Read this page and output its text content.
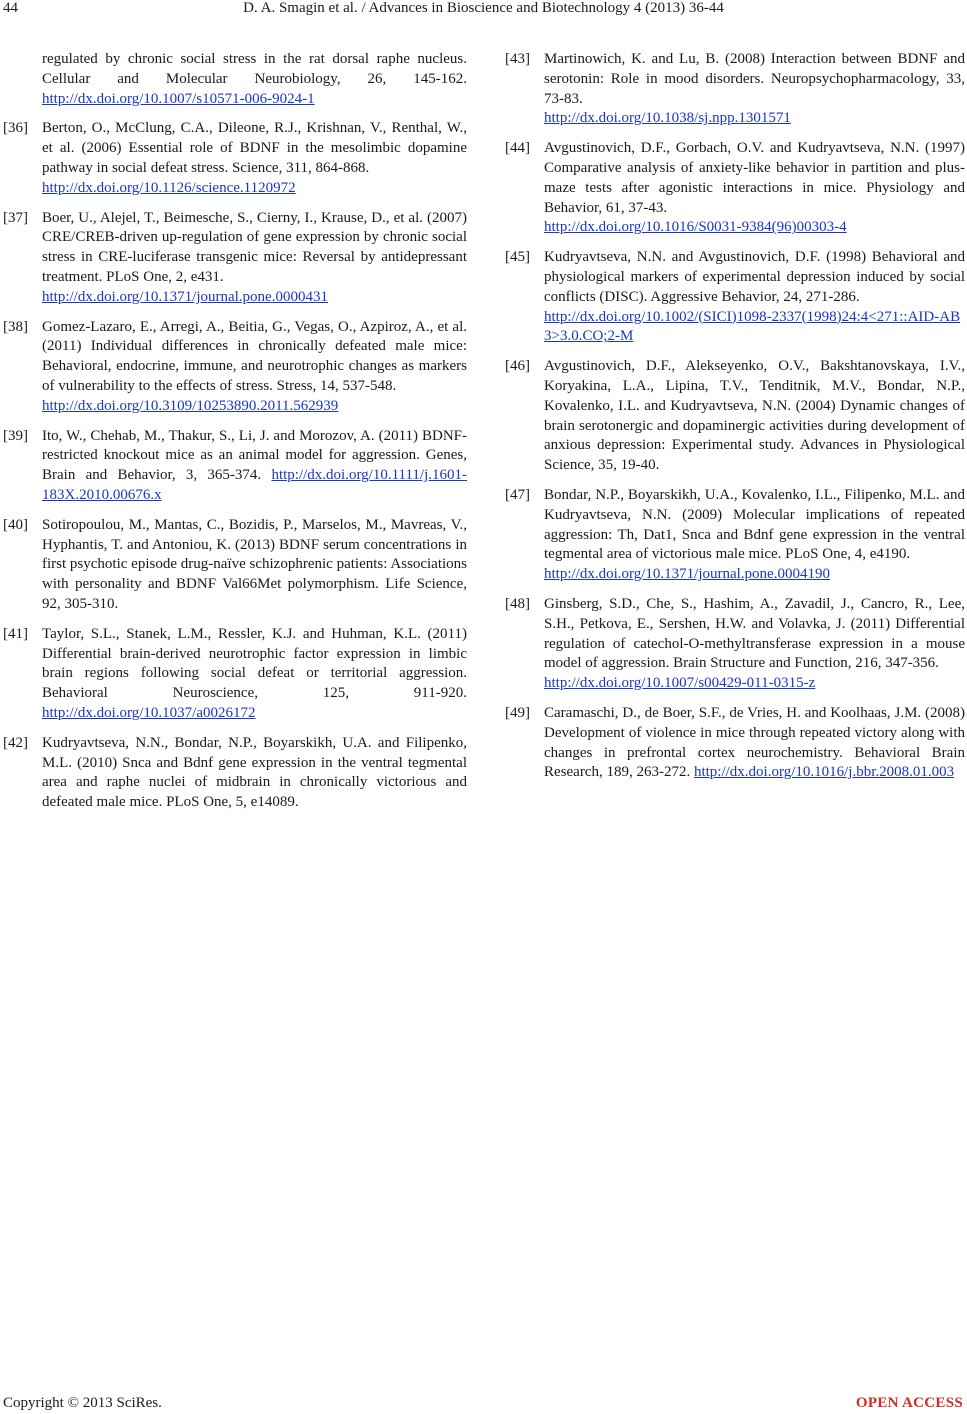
44	D. A. Smagin et al. / Advances in Bioscience and Biotechnology 4 (2013) 36-44
regulated by chronic social stress in the rat dorsal raphe nucleus. Cellular and Molecular Neurobiology, 26, 145-162. http://dx.doi.org/10.1007/s10571-006-9024-1
[36] Berton, O., McClung, C.A., Dileone, R.J., Krishnan, V., Renthal, W., et al. (2006) Essential role of BDNF in the mesolimbic dopamine pathway in social defeat stress. Science, 311, 864-868.
http://dx.doi.org/10.1126/science.1120972
[37] Boer, U., Alejel, T., Beimesche, S., Cierny, I., Krause, D., et al. (2007) CRE/CREB-driven up-regulation of gene expression by chronic social stress in CRE-luciferase transgenic mice: Reversal by antidepressant treatment. PLoS One, 2, e431.
http://dx.doi.org/10.1371/journal.pone.0000431
[38] Gomez-Lazaro, E., Arregi, A., Beitia, G., Vegas, O., Azpiroz, A., et al. (2011) Individual differences in chronically defeated male mice: Behavioral, endocrine, immune, and neurotrophic changes as markers of vulnerability to the effects of stress. Stress, 14, 537-548.
http://dx.doi.org/10.3109/10253890.2011.562939
[39] Ito, W., Chehab, M., Thakur, S., Li, J. and Morozov, A. (2011) BDNF-restricted knockout mice as an animal model for aggression. Genes, Brain and Behavior, 3, 365-374. http://dx.doi.org/10.1111/j.1601-183X.2010.00676.x
[40] Sotiropoulou, M., Mantas, C., Bozidis, P., Marselos, M., Mavreas, V., Hyphantis, T. and Antoniou, K. (2013) BDNF serum concentrations in first psychotic episode drug-naïve schizophrenic patients: Associations with personality and BDNF Val66Met polymorphism. Life Science, 92, 305-310.
[41] Taylor, S.L., Stanek, L.M., Ressler, K.J. and Huhman, K.L. (2011) Differential brain-derived neurotrophic factor expression in limbic brain regions following social defeat or territorial aggression. Behavioral Neuroscience, 125, 911-920. http://dx.doi.org/10.1037/a0026172
[42] Kudryavtseva, N.N., Bondar, N.P., Boyarskikh, U.A. and Filipenko, M.L. (2010) Snca and Bdnf gene expression in the ventral tegmental area and raphe nuclei of midbrain in chronically victorious and defeated male mice. PLoS One, 5, e14089.
[43] Martinowich, K. and Lu, B. (2008) Interaction between BDNF and serotonin: Role in mood disorders. Neuropsychopharmacology, 33, 73-83.
http://dx.doi.org/10.1038/sj.npp.1301571
[44] Avgustinovich, D.F., Gorbach, O.V. and Kudryavtseva, N.N. (1997) Comparative analysis of anxiety-like behavior in partition and plus-maze tests after agonistic interactions in mice. Physiology and Behavior, 61, 37-43.
http://dx.doi.org/10.1016/S0031-9384(96)00303-4
[45] Kudryavtseva, N.N. and Avgustinovich, D.F. (1998) Behavioral and physiological markers of experimental depression induced by social conflicts (DISC). Aggressive Behavior, 24, 271-286.
http://dx.doi.org/10.1002/(SICI)1098-2337(1998)24:4<271::AID-AB3>3.0.CO;2-M
[46] Avgustinovich, D.F., Alekseyenko, O.V., Bakshtanovskaya, I.V., Koryakina, L.A., Lipina, T.V., Tenditnik, M.V., Bondar, N.P., Kovalenko, I.L. and Kudryavtseva, N.N. (2004) Dynamic changes of brain serotonergic and dopaminergic activities during development of anxious depression: Experimental study. Advances in Physiological Science, 35, 19-40.
[47] Bondar, N.P., Boyarskikh, U.A., Kovalenko, I.L., Filipenko, M.L. and Kudryavtseva, N.N. (2009) Molecular implications of repeated aggression: Th, Dat1, Snca and Bdnf gene expression in the ventral tegmental area of victorious male mice. PLoS One, 4, e4190.
http://dx.doi.org/10.1371/journal.pone.0004190
[48] Ginsberg, S.D., Che, S., Hashim, A., Zavadil, J., Cancro, R., Lee, S.H., Petkova, E., Sershen, H.W. and Volavka, J. (2011) Differential regulation of catechol-O-methyltransferase expression in a mouse model of aggression. Brain Structure and Function, 216, 347-356.
http://dx.doi.org/10.1007/s00429-011-0315-z
[49] Caramaschi, D., de Boer, S.F., de Vries, H. and Koolhaas, J.M. (2008) Development of violence in mice through repeated victory along with changes in prefrontal cortex neurochemistry. Behavioral Brain Research, 189, 263-272. http://dx.doi.org/10.1016/j.bbr.2008.01.003
Copyright © 2013 SciRes.	OPEN ACCESS
